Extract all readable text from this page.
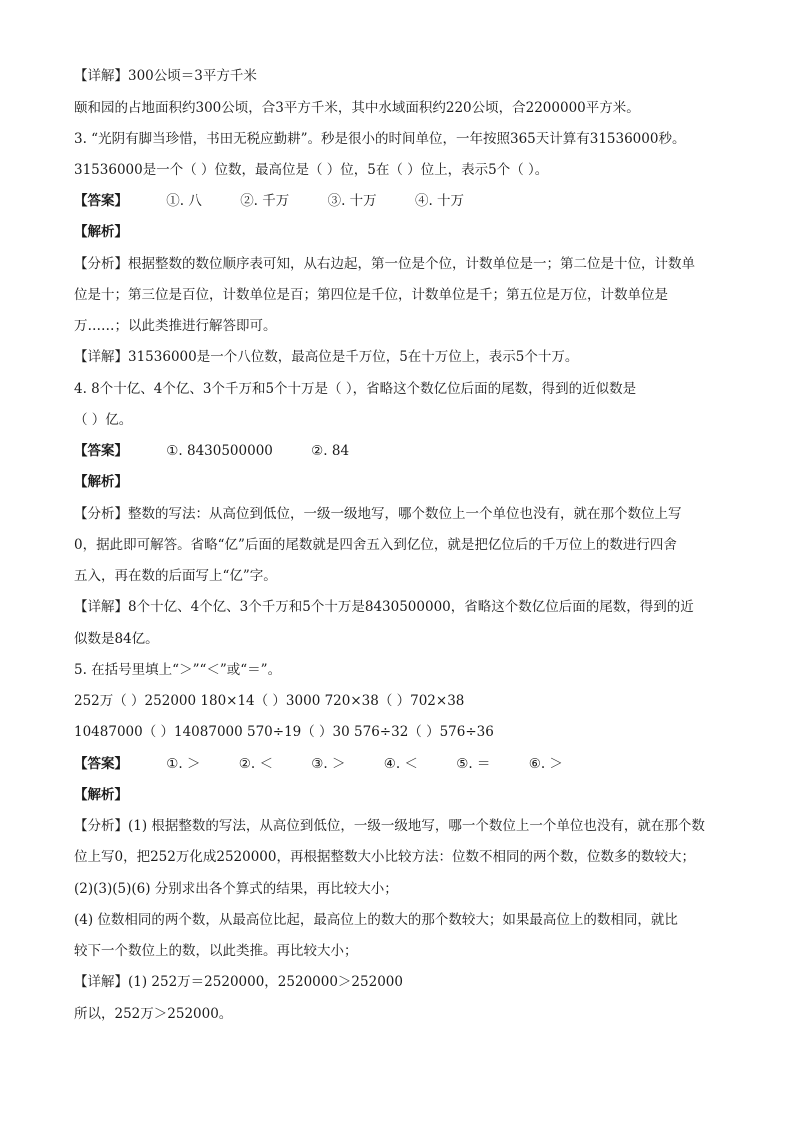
【详解】300公顷＝3平方千米
颐和园的占地面积约300公顷，合3平方千米，其中水域面积约220公顷，合2200000平方米。
3. “光阴有脚当珍惜，书田无税应勤耕”。秒是很小的时间单位，一年按照365天计算有31536000秒。
31536000是一个（ ）位数，最高位是（ ）位，5在（ ）位上，表示5个（ ）。
【答案】	①. 八	②. 千万	③. 十万	④. 十万
【解析】
【分析】根据整数的数位顺序表可知，从右边起，第一位是个位，计数单位是一；第二位是十位，计数单
位是十；第三位是百位，计数单位是百；第四位是千位，计数单位是千；第五位是万位，计数单位是
万……；以此类推进行解答即可。
【详解】31536000是一个八位数，最高位是千万位，5在十万位上，表示5个十万。
4. 8个十亿、4个亿、3个千万和5个十万是（ ），省略这个数亿位后面的尾数，得到的近似数是
（ ）亿。
【答案】	①. 8430500000	②. 84
【解析】
【分析】整数的写法：从高位到低位，一级一级地写，哪个数位上一个单位也没有，就在那个数位上写
0，据此即可解答。省略“亿”后面的尾数就是四舍五入到亿位，就是把亿位后的千万位上的数进行四舍
五入，再在数的后面写上“亿”字。
【详解】8个十亿、4个亿、3个千万和5个十万是8430500000，省略这个数亿位后面的尾数，得到的近
似数是84亿。
5. 在括号里填上“＞”“＜”或“＝”。
252万（ ）252000 180×14（ ）3000 720×38（ ）702×38
10487000（ ）14087000 570÷19（ ）30 576÷32（ ）576÷36
【答案】	①. ＞	②. ＜	③. ＞	④. ＜	⑤. ＝	⑥. ＞
【解析】
【分析】(1) 根据整数的写法，从高位到低位，一级一级地写，哪一个数位上一个单位也没有，就在那个数
位上写0，把252万化成2520000，再根据整数大小比较方法：位数不相同的两个数，位数多的数较大；
(2)(3)(5)(6) 分别求出各个算式的结果，再比较大小；
(4) 位数相同的两个数，从最高位比起，最高位上的数大的那个数较大；如果最高位上的数相同，就比
较下一个数位上的数，以此类推。再比较大小；
【详解】(1) 252万＝2520000，2520000＞252000
所以，252万＞252000。
